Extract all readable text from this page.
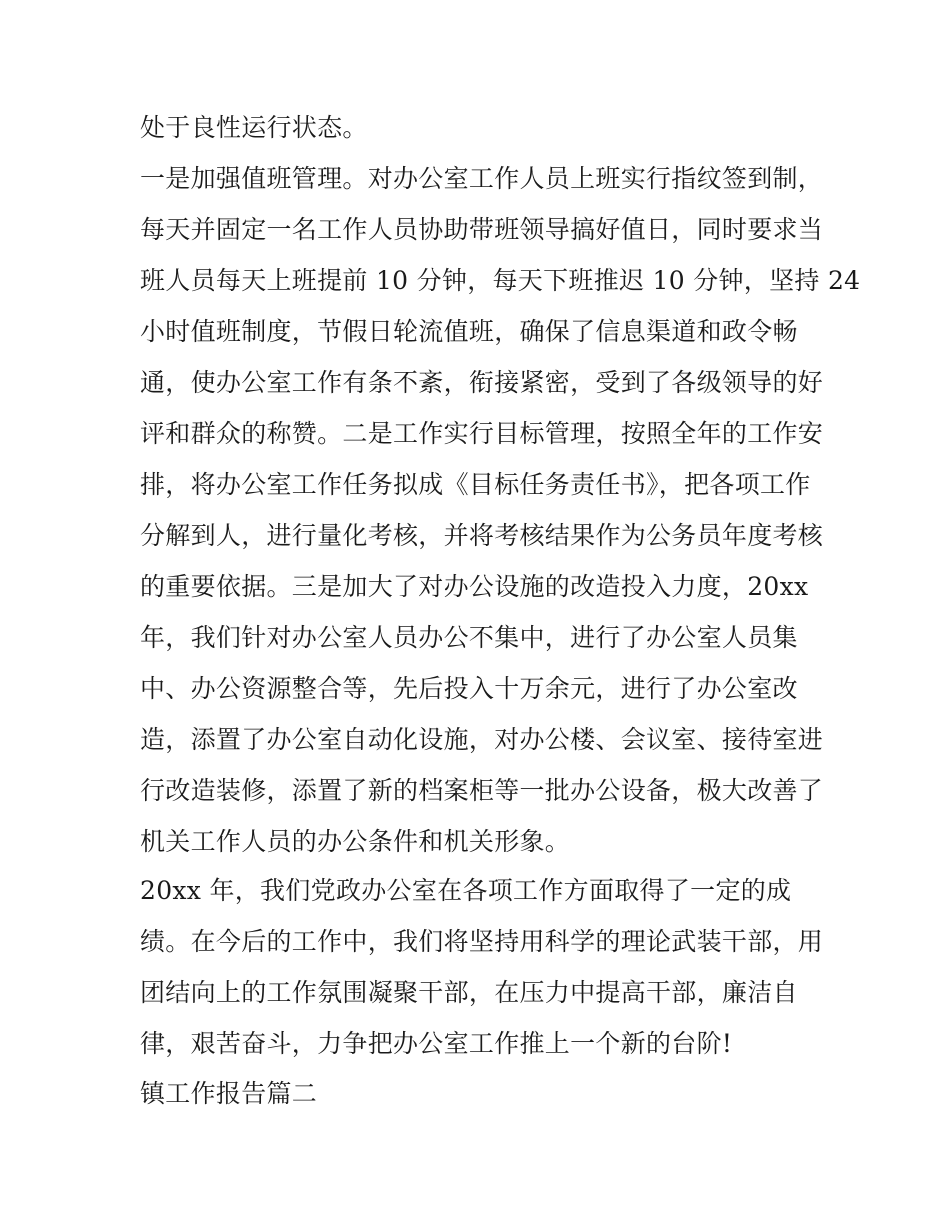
处于良性运行状态。

一是加强值班管理。对办公室工作人员上班实行指纹签到制，

每天并固定一名工作人员协助带班领导搞好值日，同时要求当

班人员每天上班提前 10 分钟，每天下班推迟 10 分钟，坚持 24

小时值班制度，节假日轮流值班，确保了信息渠道和政令畅

通，使办公室工作有条不紊，衔接紧密，受到了各级领导的好

评和群众的称赞。二是工作实行目标管理，按照全年的工作安

排，将办公室工作任务拟成《目标任务责任书》，把各项工作

分解到人，进行量化考核，并将考核结果作为公务员年度考核

的重要依据。三是加大了对办公设施的改造投入力度，20xx

年，我们针对办公室人员办公不集中，进行了办公室人员集

中、办公资源整合等，先后投入十万余元，进行了办公室改

造，添置了办公室自动化设施，对办公楼、会议室、接待室进

行改造装修，添置了新的档案柜等一批办公设备，极大改善了

机关工作人员的办公条件和机关形象。

20xx 年，我们党政办公室在各项工作方面取得了一定的成

绩。在今后的工作中，我们将坚持用科学的理论武装干部，用

团结向上的工作氛围凝聚干部，在压力中提高干部，廉洁自

律，艰苦奋斗，力争把办公室工作推上一个新的台阶!

镇工作报告篇二
